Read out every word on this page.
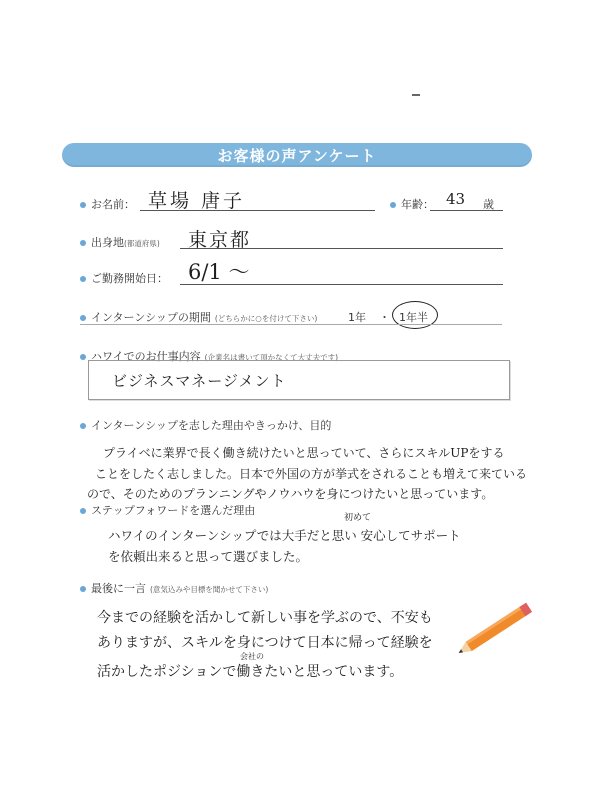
お客様の声アンケート
お名前： 草場 唐子	年齢： 43 歳
出身地(都道府県) 東京都
ご勤務開始日： 6/1 ～
インターンシップの期間 (どちらかに○を付けて下さい)	1年 ・ 1年半
ハワイでのお仕事内容 (企業名は書いて頂かなくて大丈夫です)
ビジネスマネージメント
インターンシップを志した理由やきっかけ、目的
プライベに業界で長く働き続けたいと思っていて、さらにスキルUPをする
ことをしたく志しました。日本で外国の方が挙式をされることも増えて来ている
ので、そのためのプランニングやノウハウを身につけたいと思っています。
ステップフォワードを選んだ理由
初めて
ハワイのインターンシップでは大手だと思い 安心してサポート
を依頼出来ると思って選びました。
最後に一言 (意気込みや目標を聞かせて下さい)
今までの経験を活かして新しい事を学ぶので、不安も
ありますが、スキルを身につけて日本に帰って経験を
会社の
活かしたポジションで働きたいと思っています。
